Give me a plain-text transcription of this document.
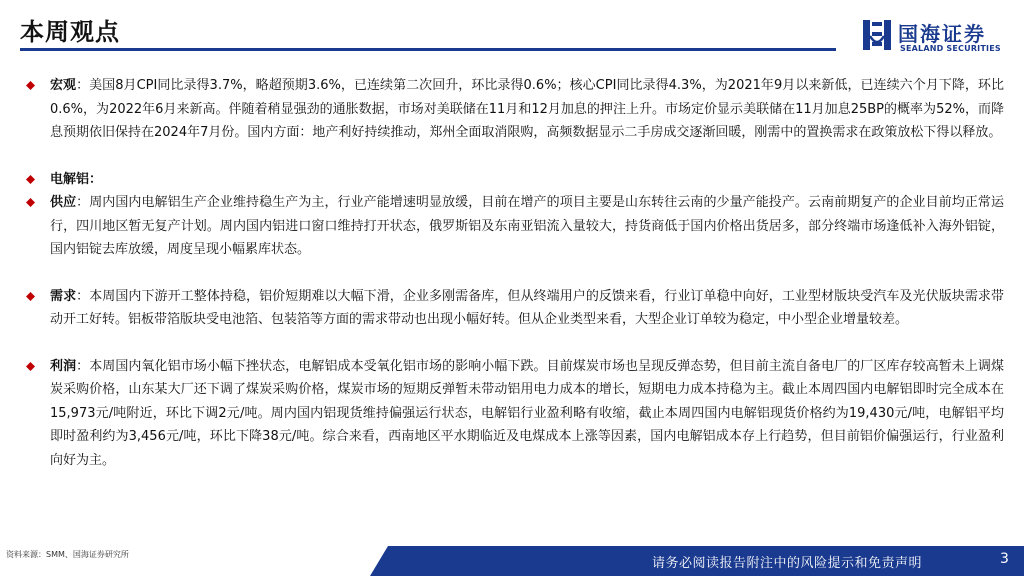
本周观点	国海证券
SEALAND SECURITIES
宏观：美国8月CPI同比录得3.7%，略超预期3.6%，已连续第二次回升，环比录得0.6%；核心CPI同比录得4.3%，为2021年9月以来新低，已连续六个月下降，环比0.6%，为2022年6月来新高。伴随着稍显强劲的通胀数据，市场对美联储在11月和12月加息的押注上升。市场定价显示美联储在11月加息25BP的概率为52%，而降息预期依旧保持在2024年7月份。国内方面：地产利好持续推动，郑州全面取消限购，高频数据显示二手房成交逐渐回暖，刚需中的置换需求在政策放松下得以释放。
电解铝：
供应：周内国内电解铝生产企业维持稳生产为主，行业产能增速明显放缓，目前在增产的项目主要是山东转往云南的少量产能投产。云南前期复产的企业目前均正常运行，四川地区暂无复产计划。周内国内铝进口窗口维持打开状态，俄罗斯铝及东南亚铝流入量较大，持货商低于国内价格出货居多，部分终端市场逢低补入海外铝锭，国内铝锭去库放缓，周度呈现小幅累库状态。
需求：本周国内下游开工整体持稳，铝价短期难以大幅下滑，企业多刚需备库，但从终端用户的反馈来看，行业订单稳中向好，工业型材版块受汽车及光伏版块需求带动开工好转。铝板带箔版块受电池箔、包装箔等方面的需求带动也出现小幅好转。但从企业类型来看，大型企业订单较为稳定，中小型企业增量较差。
利润：本周国内氧化铝市场小幅下挫状态，电解铝成本受氧化铝市场的影响小幅下跌。目前煤炭市场也呈现反弹态势，但目前主流自备电厂的厂区库存较高暂未上调煤炭采购价格，山东某大厂还下调了煤炭采购价格，煤炭市场的短期反弹暂未带动铝用电力成本的增长，短期电力成本持稳为主。截止本周四国内电解铝即时完全成本在15,973元/吨附近，环比下调2元/吨。周内国内铝现货维持偏强运行状态，电解铝行业盈利略有收缩，截止本周四国内电解铝现货价格约为19,430元/吨，电解铝平均即时盈利约为3,456元/吨，环比下降38元/吨。综合来看，西南地区平水期临近及电煤成本上涨等因素，国内电解铝成本存上行趋势，但目前铝价偏强运行，行业盈利向好为主。
资料来源：SMM、国海证券研究所
请务必阅读报告附注中的风险提示和免责声明	3
